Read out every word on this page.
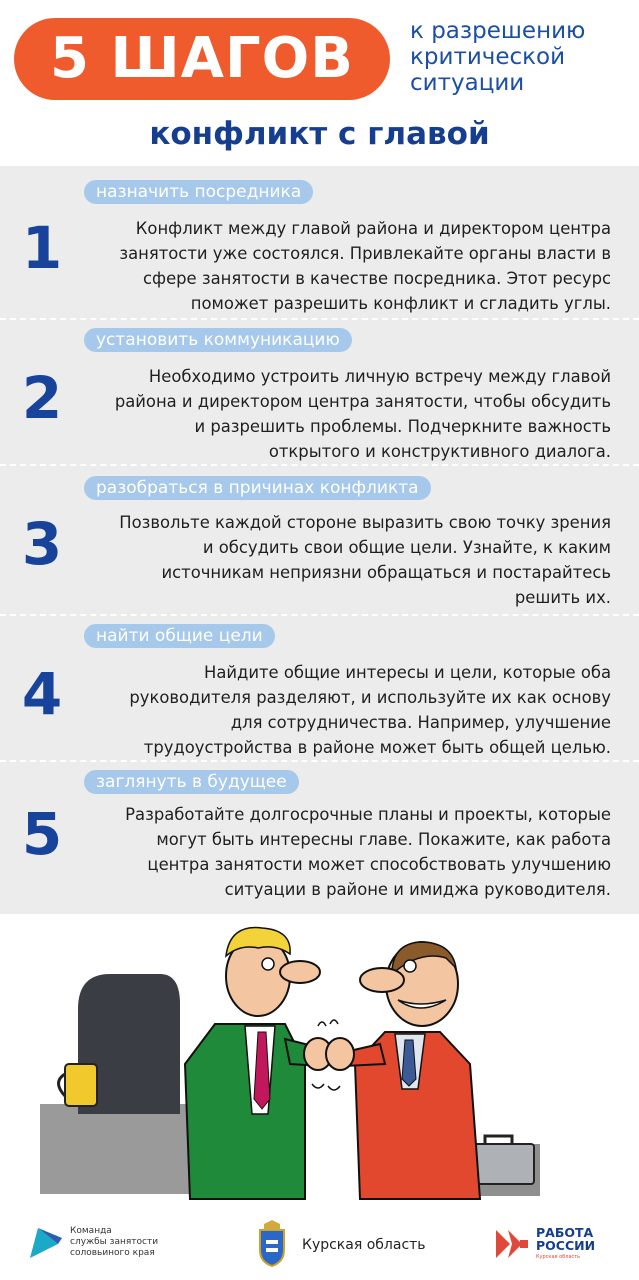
5 ШАГОВ	к разрешению
критической
ситуации
конфликт с главой
назначить посредника
1	Конфликт между главой района и директором центра
занятости уже состоялся. Привлекайте органы власти в
сфере занятости в качестве посредника. Этот ресурс
поможет разрешить конфликт и сгладить углы.
установить коммуникацию
2	Необходимо устроить личную встречу между главой
района и директором центра занятости, чтобы обсудить
и разрешить проблемы. Подчеркните важность
открытого и конструктивного диалога.
разобраться в причинах конфликта
3	Позвольте каждой стороне выразить свою точку зрения
и обсудить свои общие цели. Узнайте, к каким
источникам неприязни обращаться и постарайтесь
решить их.
найти общие цели
4	Найдите общие интересы и цели, которые оба
руководителя разделяют, и используйте их как основу
для сотрудничества. Например, улучшение
трудоустройства в районе может быть общей целью.
заглянуть в будущее
5	Разработайте долгосрочные планы и проекты, которые
могут быть интересны главе. Покажите, как работа
центра занятости может способствовать улучшению
ситуации в районе и имиджа руководителя.
Команда
службы занятости
соловьиного края	Курская область
РАБОТА
РОССИИ
Курская область
